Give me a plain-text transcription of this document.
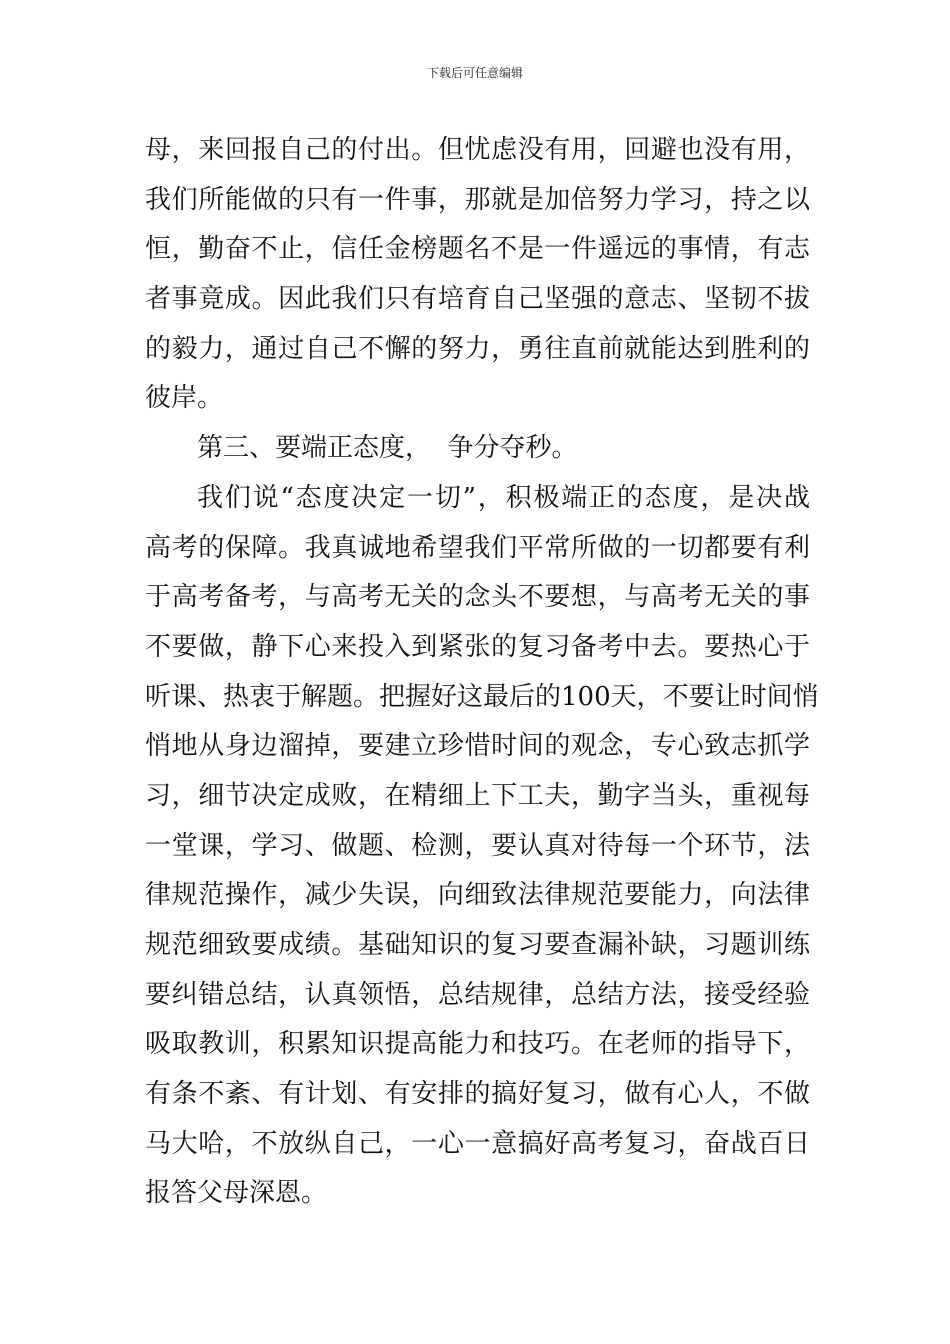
下载后可任意编辑
母，来回报自己的付出。但忧虑没有用，回避也没有用，
我们所能做的只有一件事，那就是加倍努力学习，持之以
恒，勤奋不止，信任金榜题名不是一件遥远的事情，有志
者事竟成。因此我们只有培育自己坚强的意志、坚韧不拔
的毅力，通过自己不懈的努力，勇往直前就能达到胜利的
彼岸。
第三、要端正态度，  争分夺秒。
我们说“态度决定一切”，积极端正的态度，是决战
高考的保障。我真诚地希望我们平常所做的一切都要有利
于高考备考，与高考无关的念头不要想，与高考无关的事
不要做，静下心来投入到紧张的复习备考中去。要热心于
听课、热衷于解题。把握好这最后的100天，不要让时间悄
悄地从身边溜掉，要建立珍惜时间的观念，专心致志抓学
习，细节决定成败，在精细上下工夫，勤字当头，重视每
一堂课，学习、做题、检测，要认真对待每一个环节，法
律规范操作，减少失误，向细致法律规范要能力，向法律
规范细致要成绩。基础知识的复习要查漏补缺，习题训练
要纠错总结，认真领悟，总结规律，总结方法，接受经验
吸取教训，积累知识提高能力和技巧。在老师的指导下，
有条不紊、有计划、有安排的搞好复习，做有心人，不做
马大哈，不放纵自己，一心一意搞好高考复习，奋战百日
报答父母深恩。
